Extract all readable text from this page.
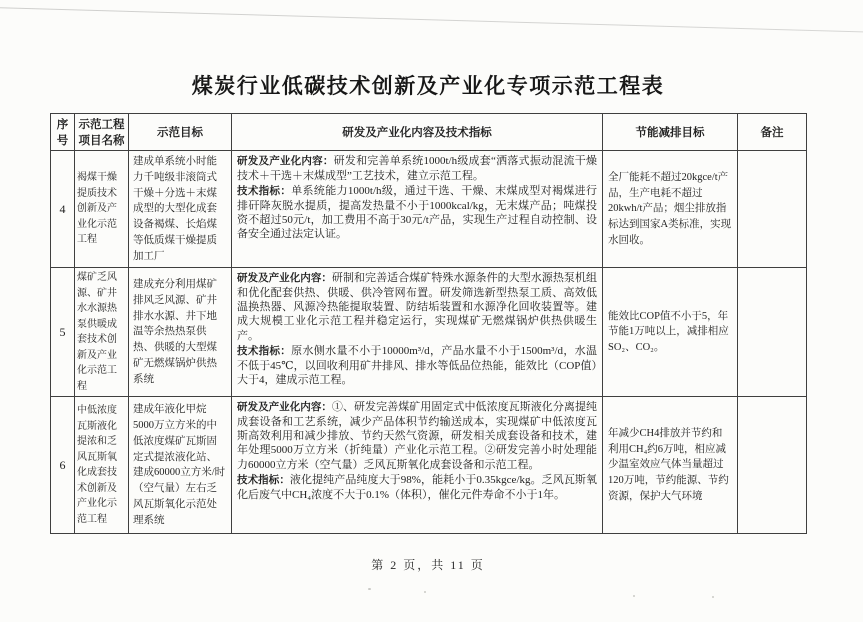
煤炭行业低碳技术创新及产业化专项示范工程表
序号	示范工程项目名称	示范目标	研发及产业化内容及技术指标	节能减排目标	备注
4	褐煤干燥提质技术创新及产业化示范工程	建成单系统小时能力千吨级非滚筒式干燥＋分选＋末煤成型的大型化成套设备褐煤、长焰煤等低质煤干燥提质加工厂	研发及产业化内容：研发和完善单系统1000t/h级成套“洒落式振动混流干燥技术＋干选＋末煤成型”工艺技术，建立示范工程。

技术指标：单系统能力1000t/h级，通过干选、干燥、末煤成型对褐煤进行排矸降灰脱水提质，提高发热量不小于1000kcal/kg，无末煤产品；吨煤投资不超过50元/t，加工费用不高于30元/t产品，实现生产过程自动控制、设备安全通过法定认证。	全厂能耗不超过20kgce/t产品，生产电耗不超过20kwh/t产品；烟尘排放指标达到国家A类标准，实现水回收。	
5	煤矿乏风源、矿井水水源热泵供暖成套技术创新及产业化示范工程	建成充分利用煤矿排风乏风源、矿井排水水源、井下地温等余热热泵供热、供暖的大型煤矿无燃煤锅炉供热系统	研发及产业化内容：研制和完善适合煤矿特殊水源条件的大型水源热泵机组和优化配套供热、供暖、供冷管网布置。研发筛选新型热泵工质、高效低温换热器、风源冷热能提取装置、防结垢装置和水源净化回收装置等。建成大规模工业化示范工程并稳定运行，实现煤矿无燃煤锅炉供热供暖生产。

技术指标：原水侧水量不小于10000m³/d，产品水量不小于1500m³/d，水温不低于45℃，以回收利用矿井排风、排水等低品位热能，能效比（COP值）大于4，建成示范工程。	能效比COP值不小于5，年节能1万吨以上，减排相应SO₂、CO₂。	
6	中低浓度瓦斯液化提浓和乏风瓦斯氧化成套技术创新及产业化示范工程	建成年液化甲烷5000万立方米的中低浓度煤矿瓦斯固定式提浓液化站、建成60000立方米/时（空气量）左右乏风瓦斯氧化示范处理系统	研发及产业化内容：①、研发完善煤矿用固定式中低浓度瓦斯液化分离提纯成套设备和工艺系统，减少产品体积节约输送成本，实现煤矿中低浓度瓦斯高效利用和减少排放、节约天然气资源，研发相关成套设备和技术，建年处理5000万立方米（折纯量）产业化示范工程。②研发完善小时处理能力60000立方米（空气量）乏风瓦斯氧化成套设备和示范工程。

技术指标：液化提纯产品纯度大于98%，能耗小于0.35kgce/kg。乏风瓦斯氧化后废气中CH₄浓度不大于0.1%（体积），催化元件寿命不小于1年。	年减少CH4排放并节约和利用CH₄约6万吨，相应减少温室效应气体当量超过120万吨，节约能源、节约资源，保护大气环境	
第 2 页，共 11 页
